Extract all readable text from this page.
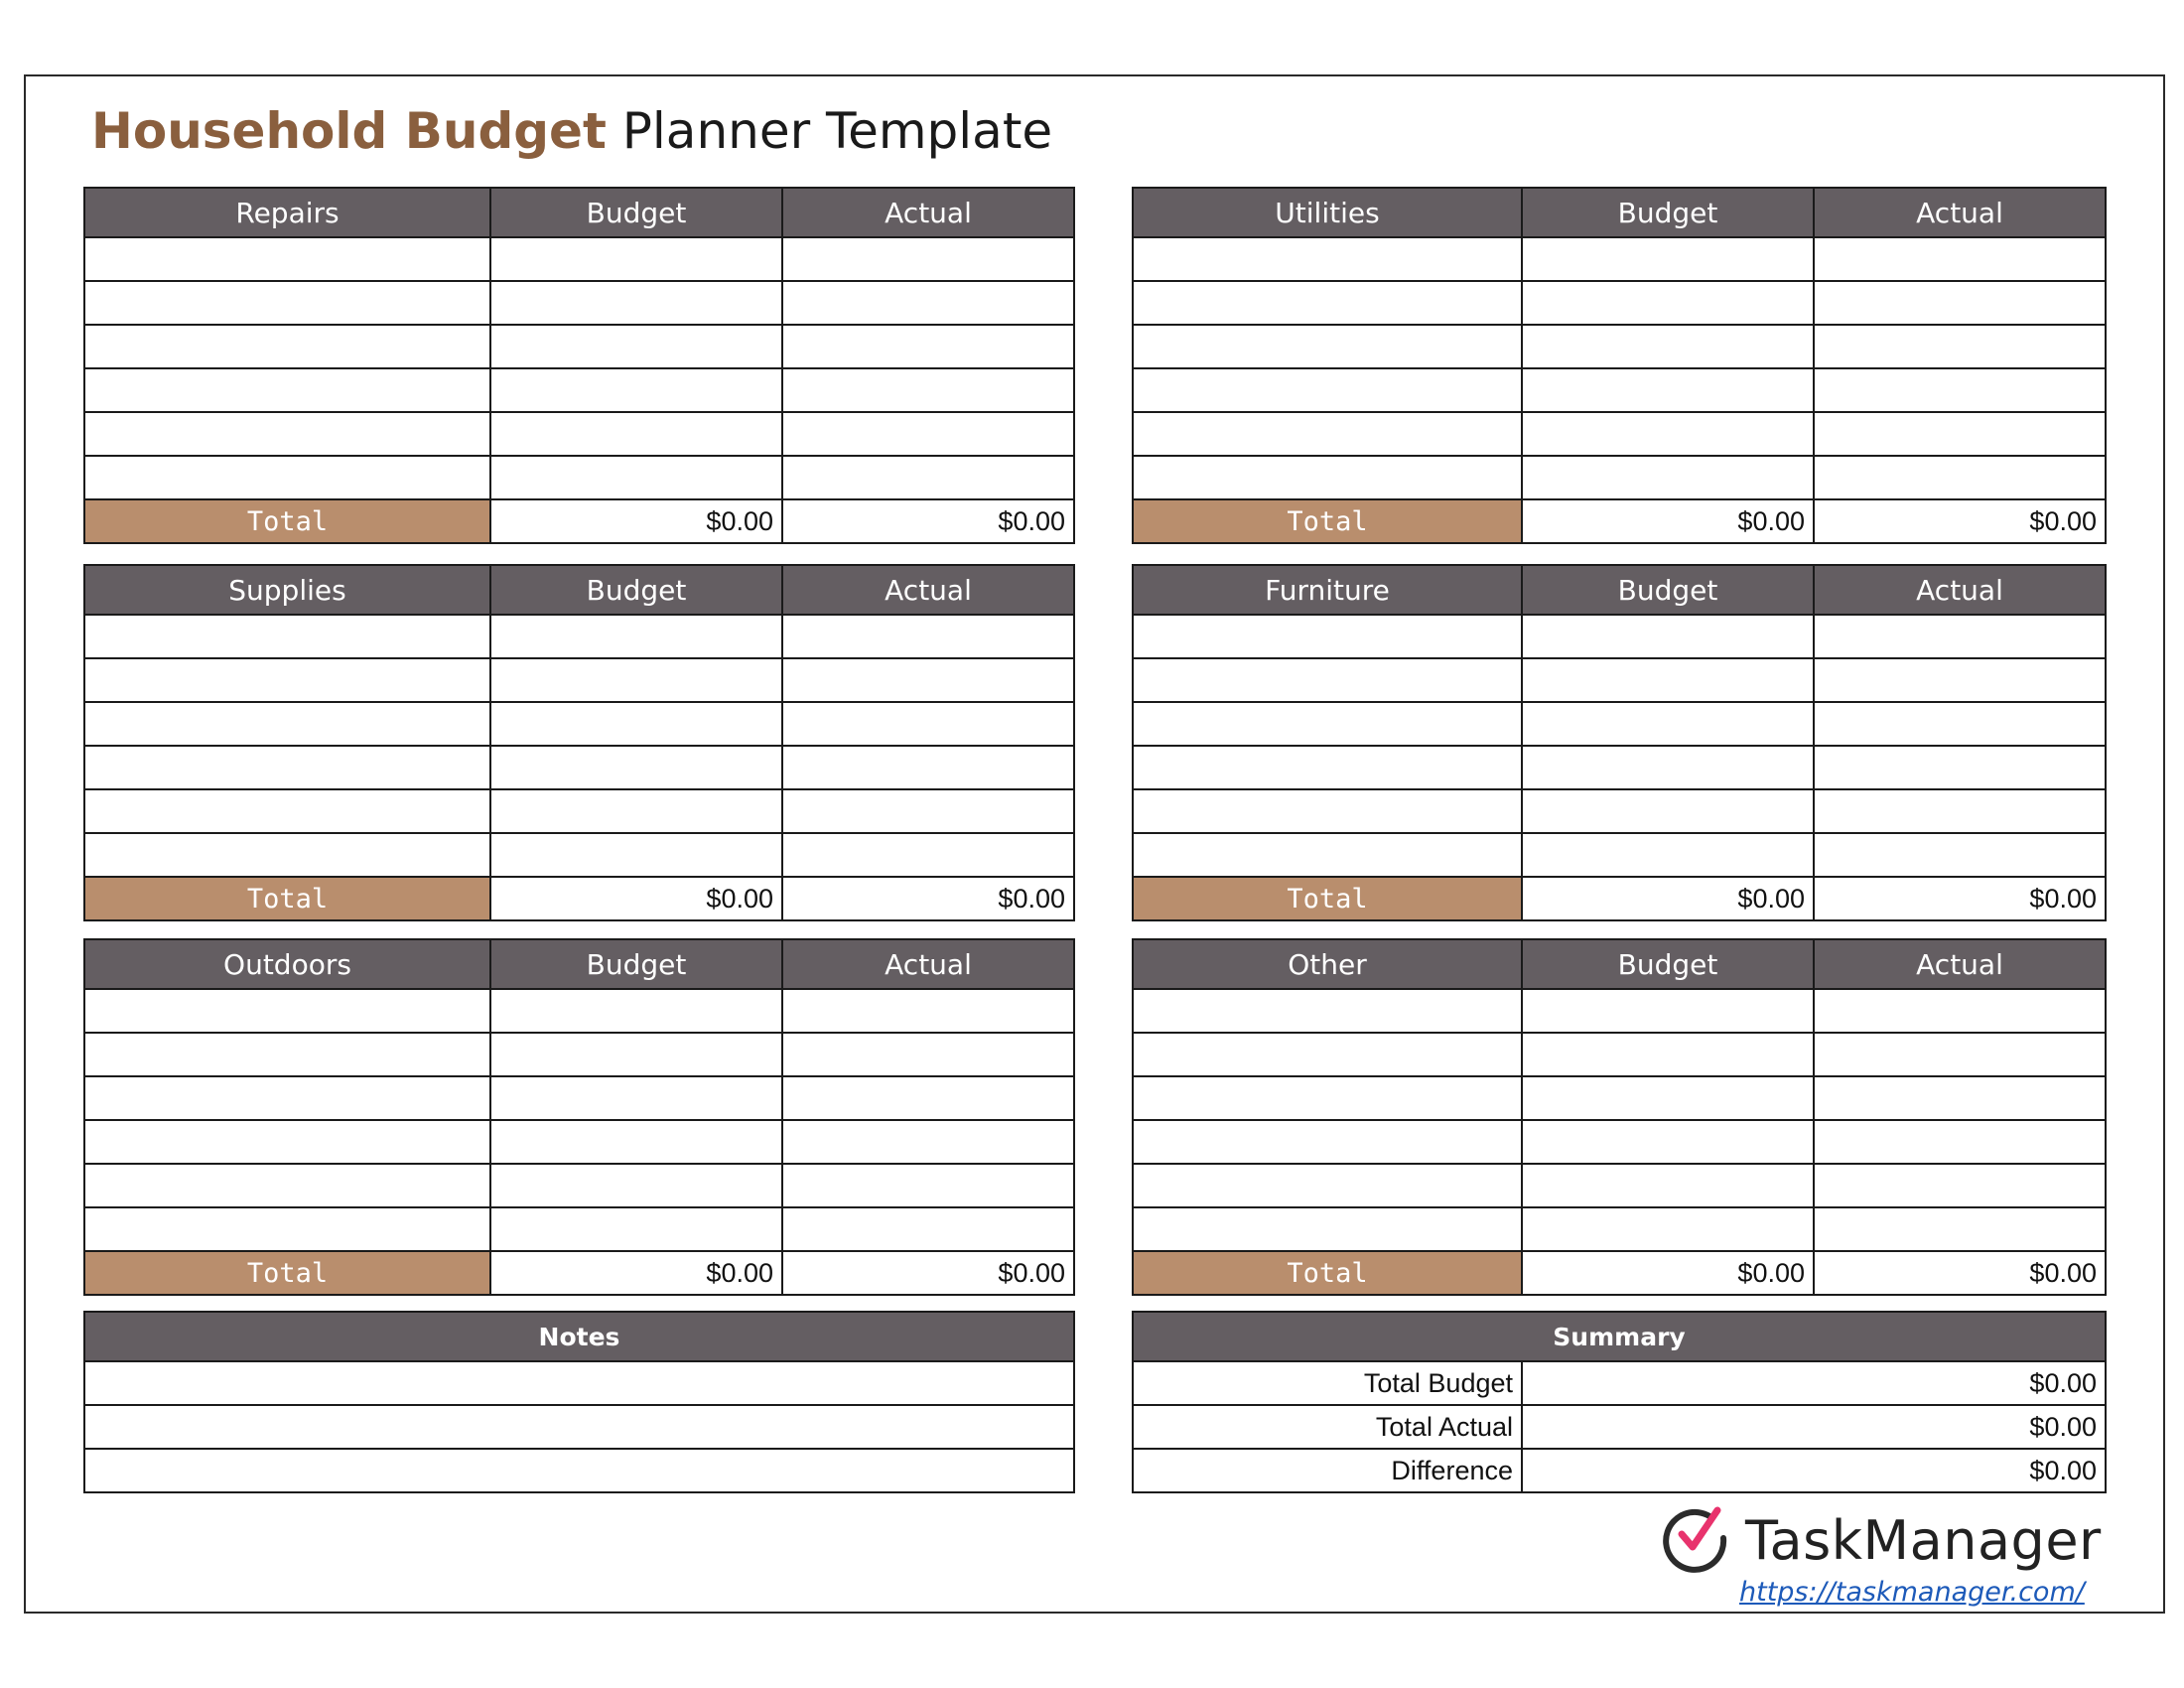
Household Budget Planner Template
Repairs	Budget	Actual

Total	$0.00	$0.00
Utilities	Budget	Actual

Total	$0.00	$0.00
Supplies	Budget	Actual

Total	$0.00	$0.00
Furniture	Budget	Actual

Total	$0.00	$0.00
Outdoors	Budget	Actual

Total	$0.00	$0.00
Other	Budget	Actual

Total	$0.00	$0.00
Notes	Summary	
Total Budget	$0.00
Total Actual	$0.00
Difference	$0.00
TaskManager
https://taskmanager.com/
